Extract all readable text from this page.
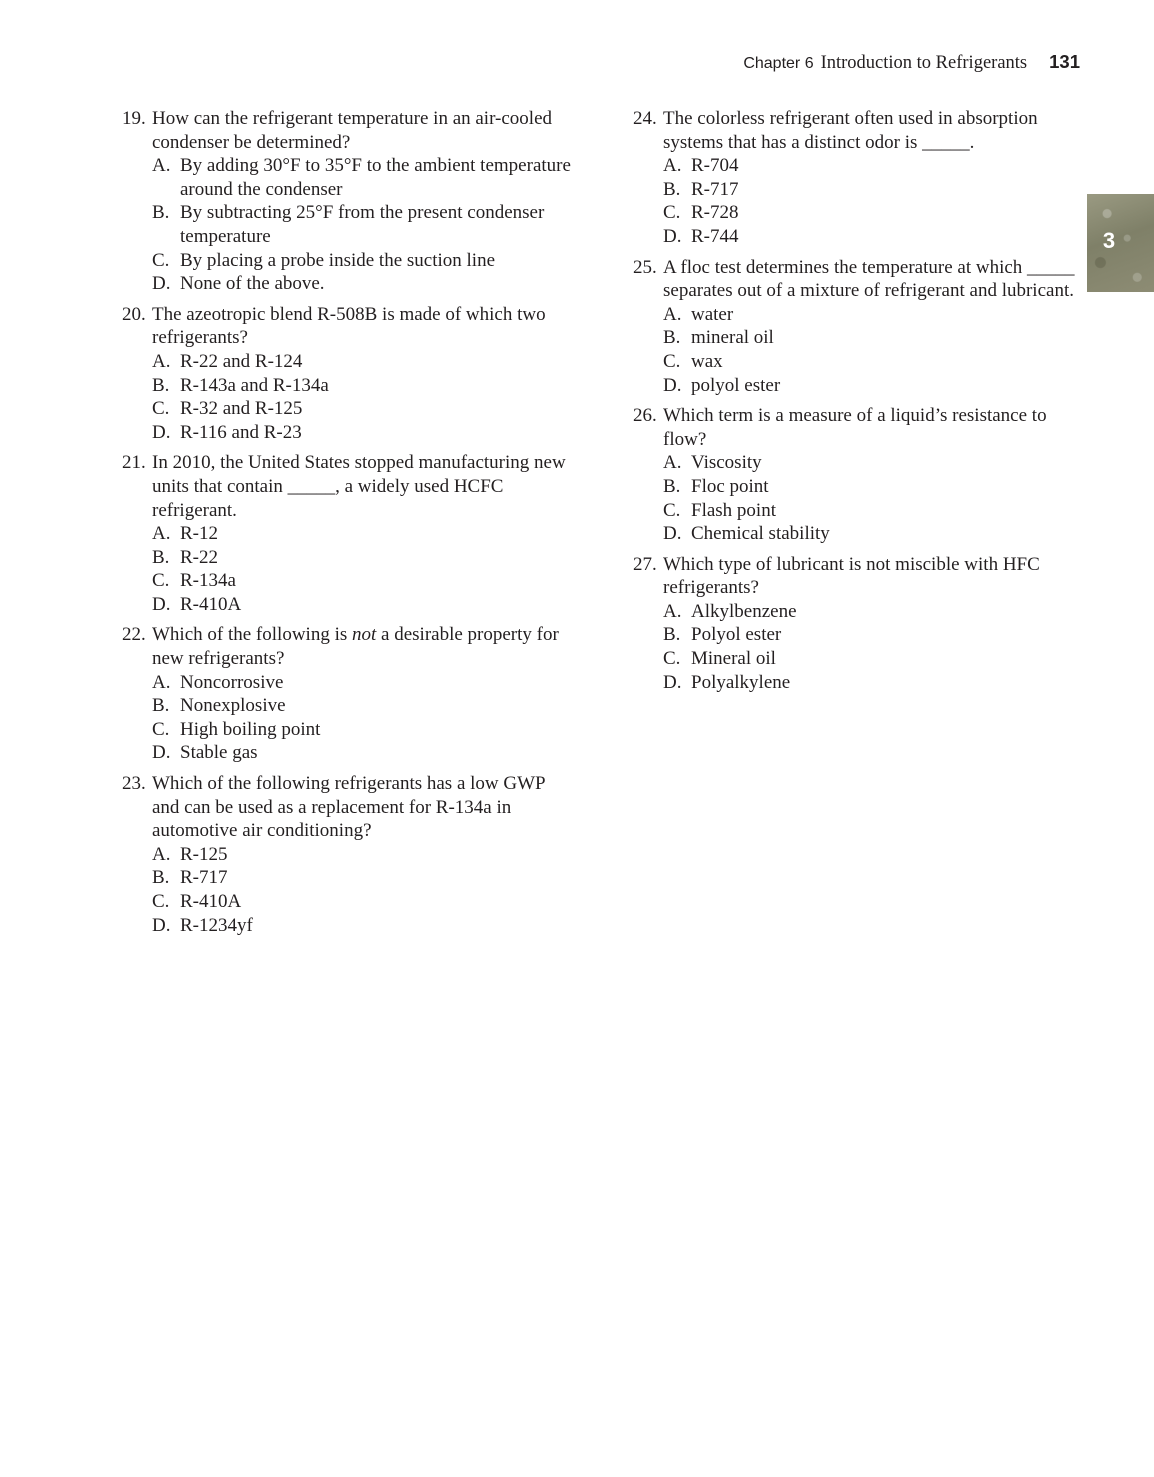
Chapter 6 Introduction to Refrigerants 131
3
19. How can the refrigerant temperature in an air-cooled condenser be determined?
A. By adding 30°F to 35°F to the ambient temperature around the condenser
B. By subtracting 25°F from the present condenser temperature
C. By placing a probe inside the suction line
D. None of the above.
20. The azeotropic blend R-508B is made of which two refrigerants?
A. R-22 and R-124
B. R-143a and R-134a
C. R-32 and R-125
D. R-116 and R-23
21. In 2010, the United States stopped manufacturing new units that contain _____, a widely used HCFC refrigerant.
A. R-12
B. R-22
C. R-134a
D. R-410A
22. Which of the following is not a desirable property for new refrigerants?
A. Noncorrosive
B. Nonexplosive
C. High boiling point
D. Stable gas
23. Which of the following refrigerants has a low GWP and can be used as a replacement for R-134a in automotive air conditioning?
A. R-125
B. R-717
C. R-410A
D. R-1234yf
24. The colorless refrigerant often used in absorption systems that has a distinct odor is _____.
A. R-704
B. R-717
C. R-728
D. R-744
25. A floc test determines the temperature at which _____ separates out of a mixture of refrigerant and lubricant.
A. water
B. mineral oil
C. wax
D. polyol ester
26. Which term is a measure of a liquid’s resistance to flow?
A. Viscosity
B. Floc point
C. Flash point
D. Chemical stability
27. Which type of lubricant is not miscible with HFC refrigerants?
A. Alkylbenzene
B. Polyol ester
C. Mineral oil
D. Polyalkylene
